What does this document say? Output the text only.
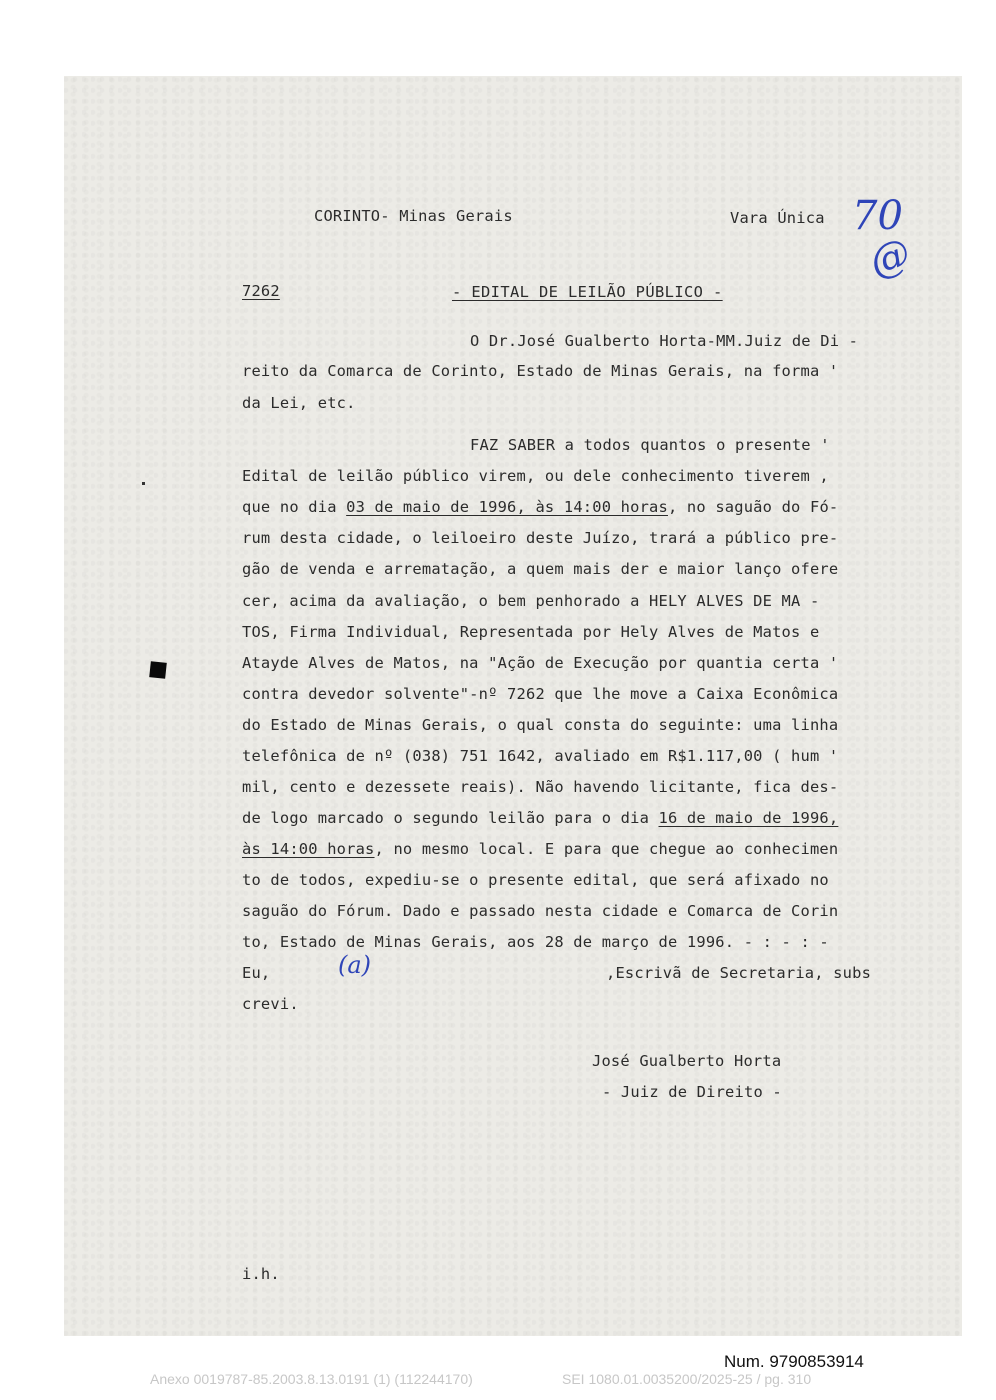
CORINTO- Minas Gerais	Vara Única
7262	- EDITAL DE LEILÃO PÚBLICO -
70
@
(a)
O Dr.José Gualberto Horta-MM.Juiz de Di -
reito da Comarca de Corinto, Estado de Minas Gerais, na forma '
da Lei, etc.
FAZ SABER a todos quantos o presente '
Edital de leilão público virem, ou dele conhecimento tiverem ,
que no dia 03 de maio de 1996, às 14:00 horas, no saguão do Fó-
rum desta cidade, o leiloeiro deste Juízo, trará a público pre-
gão de venda e arrematação, a quem mais der e maior lanço ofere
cer, acima da avaliação, o bem penhorado a HELY ALVES DE MA -
TOS, Firma Individual, Representada por Hely Alves de Matos e
Atayde Alves de Matos, na "Ação de Execução por quantia certa '
contra devedor solvente"-nº 7262 que lhe move a Caixa Econômica
do Estado de Minas Gerais, o qual consta do seguinte: uma linha
telefônica de nº (038) 751 1642, avaliado em R$1.117,00 ( hum '
mil, cento e dezessete reais). Não havendo licitante, fica des-
de logo marcado o segundo leilão para o dia 16 de maio de 1996,
às 14:00 horas, no mesmo local. E para que chegue ao conhecimen
to de todos, expediu-se o presente edital, que será afixado no
saguão do Fórum. Dado e passado nesta cidade e Comarca de Corin
to, Estado de Minas Gerais, aos 28 de março de 1996. - : - : -
Eu,	,Escrivã de Secretaria, subs
crevi.
José Gualberto Horta
- Juiz de Direito -
i.h.
Num. 9790853914
Anexo 0019787-85.2003.8.13.0191 (1) (112244170)	SEI 1080.01.0035200/2025-25 / pg. 310
